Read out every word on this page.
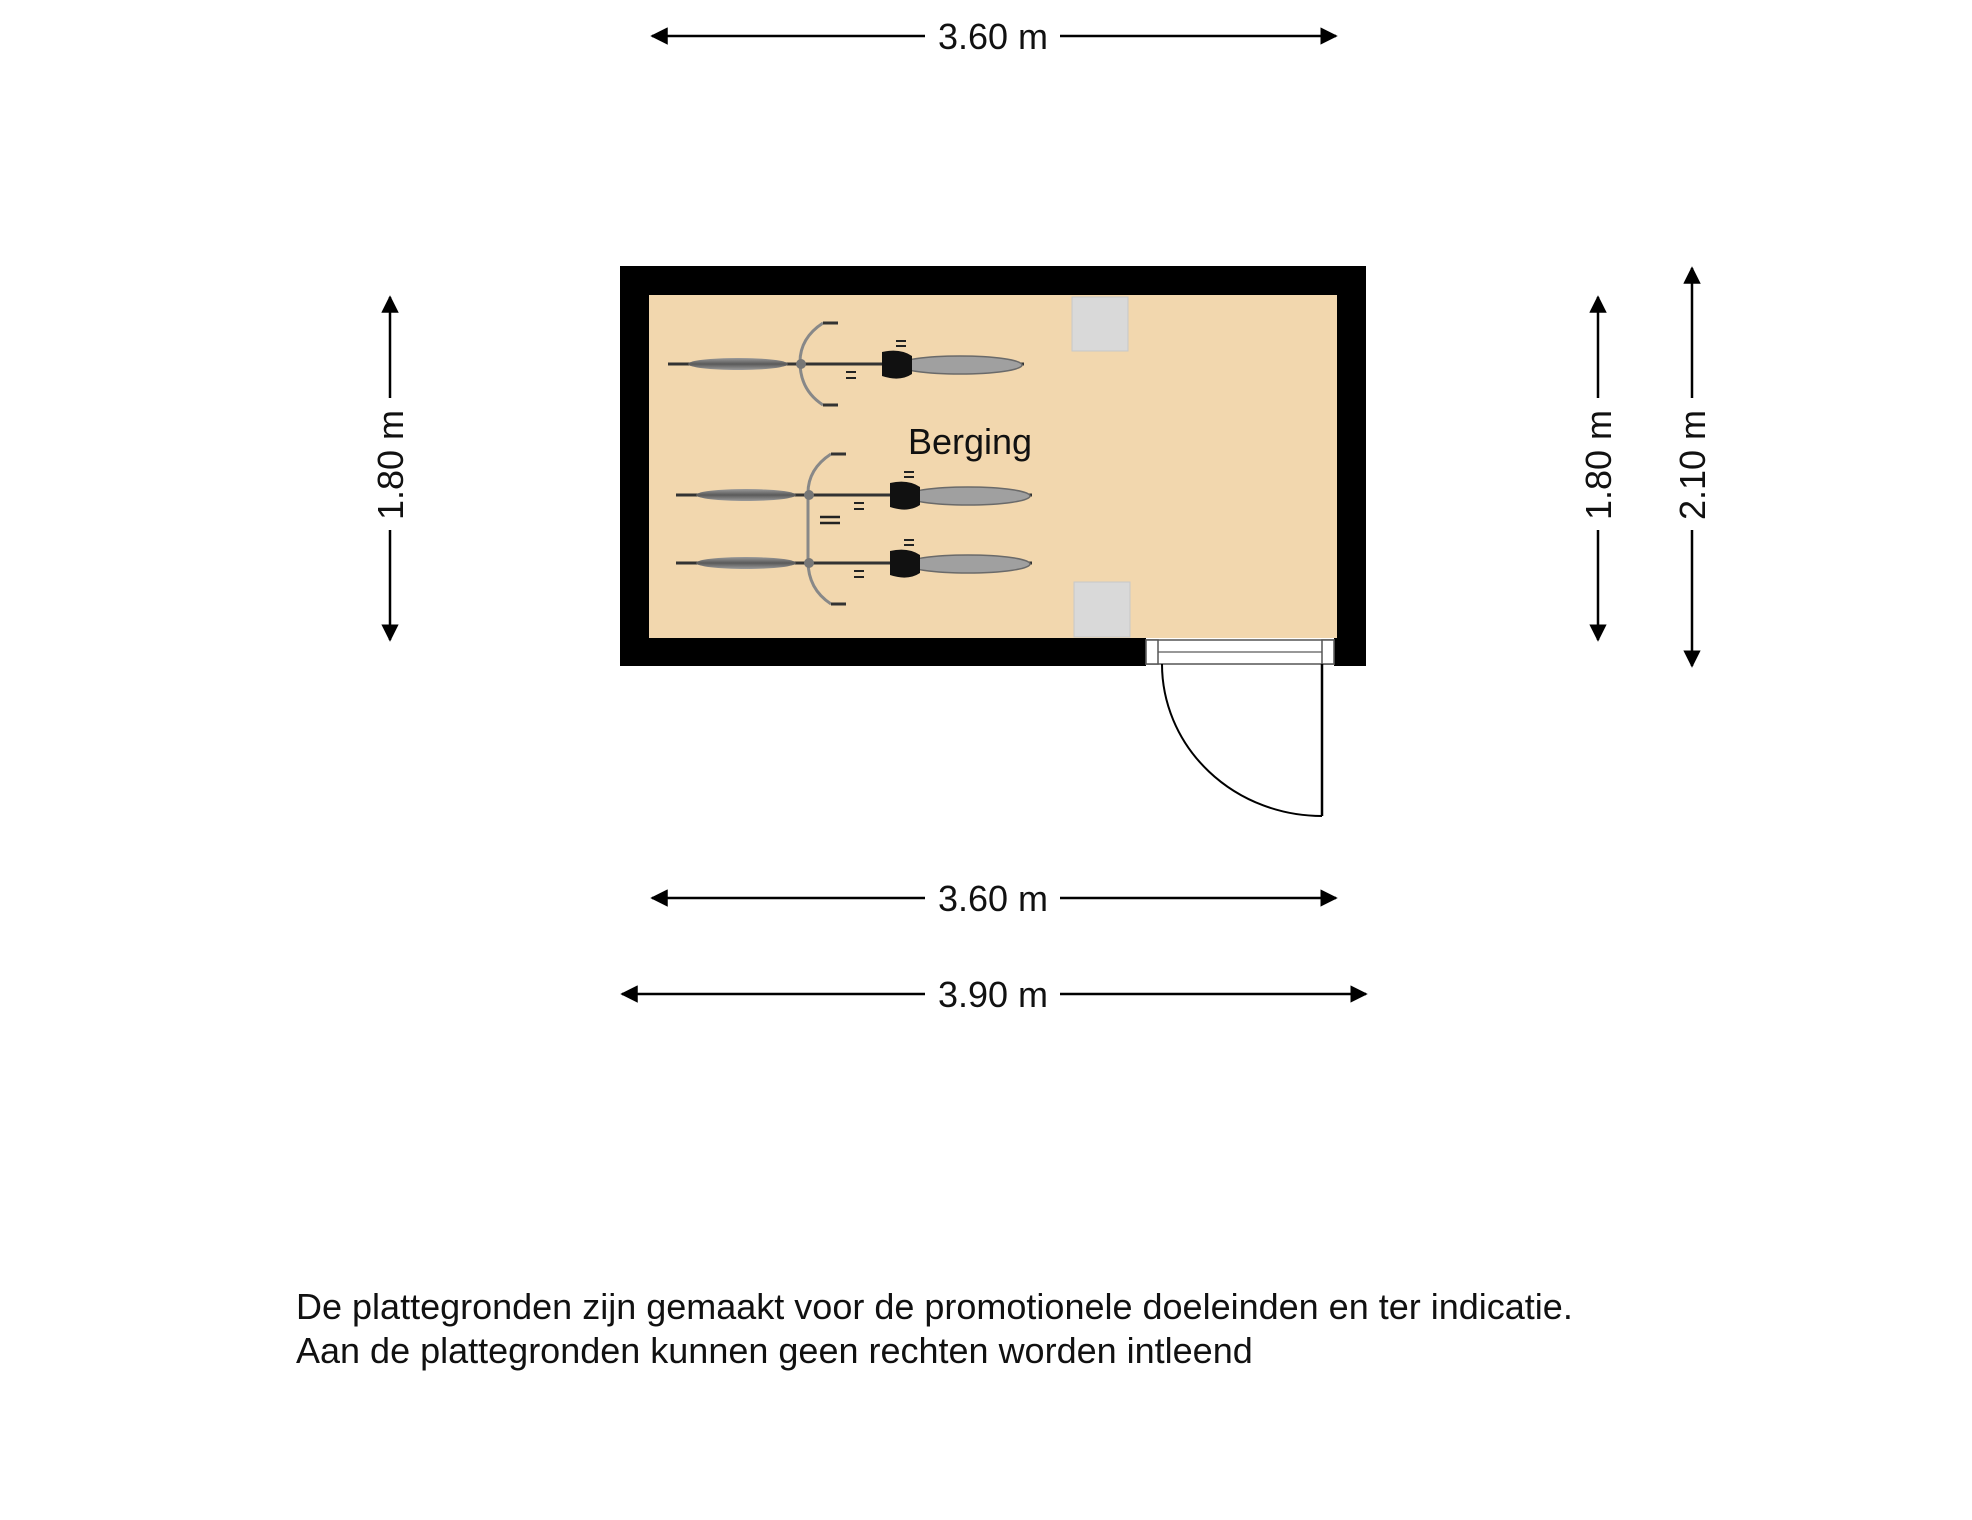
3.60 m
1.80 m	1.80 m 2.10 m
Berging
3.60 m
3.90 m

De plattegronden zijn gemaakt voor de promotionele doeleinden en ter indicatie.
Aan de plattegronden kunnen geen rechten worden intleend
